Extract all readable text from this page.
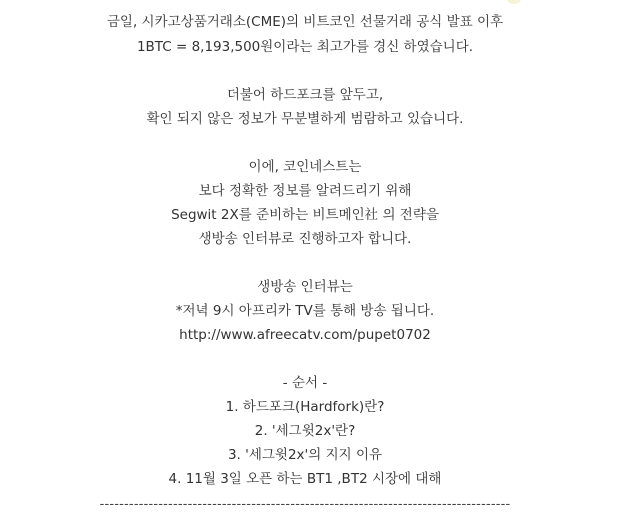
금일, 시카고상품거래소(CME)의 비트코인 선물거래 공식 발표 이후
1BTC = 8,193,500원이라는 최고가를 경신 하였습니다.
더불어 하드포크를 앞두고,
확인 되지 않은 정보가 무분별하게 범람하고 있습니다.
이에, 코인네스트는
보다 정확한 정보를 알려드리기 위해
Segwit 2X를 준비하는 비트메인社 의 전략을
생방송 인터뷰로 진행하고자 합니다.
생방송 인터뷰는
*저녁 9시 아프리카 TV를 통해 방송 됩니다.
http://www.afreecatv.com/pupet0702
- 순서 -
1. 하드포크(Hardfork)란?
2. '세그윗2x'란?
3. '세그윗2x'의 지지 이유
4. 11월 3일 오픈 하는 BT1 ,BT2 시장에 대해
------------------------------------------------------------------------------------
